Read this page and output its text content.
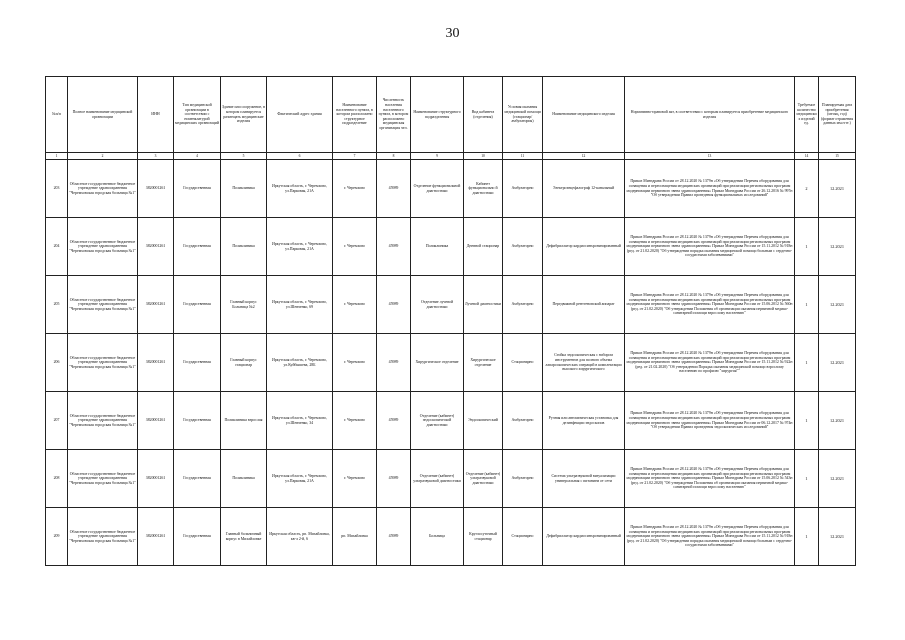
30
№п/п	Полное наименование медицинской организации	ИНН	Тип медицинской организации в соответствии с номенклатурой медицинских организаций	Здание или сооружение, в котором планируется размещать медицинские изделия	Фактический адрес здания	Наименование населенного пункта, в котором расположено структурное подразделение	Численность населения населенного пункта, в котором расположено медицинская организация чел.	Наименование структурного подразделения	Вид кабинета (отделения)	Условия оказания медицинской помощи (стационар/амбулатория)	Наименование медицинского изделия	Нормативно-правовой акт, в соответствии с которым планируется приобретение медицинского изделия	Требуемое количество медицинских изделий ед.	Планируемая дата приобретения (месяц, год) (формат отражения данных мм.гггг.)
1	2	3	4	5	6	7	8	9	10	11	12	13	14	15
203	Областное государственное бюджетное учреждение здравоохранения "Черемховская городская больница №1"	3820001261	Государственная	Поликлиника	Иркутская область, г. Черемхово, ул.Парковая, 21А	г. Черемхово	45989	Отделение функциональной диагностики	Кабинет функционально й диагностики	Амбулаторно	Электроэнцефалограф 12-канальный	Приказ Минздрава России от 28.12.2020 № 1379н «Об утверждении Перечня оборудования для оснащения и переоснащения медицинских организаций при реализации региональных программ модернизации первичного звена здравоохранения» Приказ Минздрава России от 26.12.2016 № 997н "Об утверждении Правил проведения функциональных исследований"	2	12.2021
204	Областное государственное бюджетное учреждение здравоохранения "Черемховская городская больница №1"	3820001261	Государственная	Поликлиника	Иркутская область, г. Черемхово, ул.Парковая, 21А	г. Черемхово	45989	Поликлиника	Дневной стационар	Амбулаторно	Дефибриллятор кардиосинхронизированный	Приказ Минздрава России от 28.12.2020 № 1379н «Об утверждении Перечня оборудования для оснащения и переоснащения медицинских организаций при реализации региональных программ модернизации первичного звена здравоохранения» Приказ Минздрава России от 15.11.2012 № 918н (ред. от 21.02.2020) "Об утверждении порядка оказания медицинской помощи больным с сердечно-сосудистыми заболеваниями"	1	12.2021
205	Областное государственное бюджетное учреждение здравоохранения "Черемховская городская больница №1"	3820001261	Государственная	Главный корпус Больница №2	Иркутская область, г. Черемхово, ул.Шевченко, 69	г. Черемхово	45989	Отделение лучевой диагностики	Лучевой диагностики	Амбулаторно	Передвижной рентгеновский аппарат	Приказ Минздрава России от 28.12.2020 № 1379н «Об утверждении Перечня оборудования для оснащения и переоснащения медицинских организаций при реализации региональных программ модернизации первичного звена здравоохранения» Приказ Минздрава России от 15.06.2012 № 560н (ред. от 21.02.2020) "Об утверждении Положения об организации оказания первичной медико-санитарной помощи взрослому населению"	1	12.2021
206	Областное государственное бюджетное учреждение здравоохранения "Черемховская городская больница №1"	3820001261	Государственная	Главный корпус стационар	Иркутская область, г. Черемхово, ул.Куйбышева, 28Б	г. Черемхово	45989	Хирургическое отделение	Хирургическое отделение	Стационарно	Стойка эндоскопическая с набором инструментов для полного объема лапароскопических операций в комплектации высокого хирургического	Приказ Минздрава России от 28.12.2020 № 1379н «Об утверждении Перечня оборудования для оснащения и переоснащения медицинских организаций при реализации региональных программ модернизации первичного звена здравоохранения» Приказ Минздрава России от 15.11.2012 № 922н (ред. от 21.02.2020) "Об утверждении Порядка оказания медицинской помощи взрослому населению по профилю "хирургия""	1	12.2021
207	Областное государственное бюджетное учреждение здравоохранения "Черемховская городская больница №1"	3820001261	Государственная	Поликлиника взрослая	Иркутская область, г. Черемхово, ул.Шевченко, 34	г. Черемхово	45989	Отделение (кабинет) эндоскопической диагностики	Эндоскопический	Амбулаторно	Ручная или автоматическая установка для дезинфекции эндоскопов	Приказ Минздрава России от 28.12.2020 № 1379н «Об утверждении Перечня оборудования для оснащения и переоснащения медицинских организаций при реализации региональных программ модернизации первичного звена здравоохранения» Приказ Минздрава России от 06.12.2017 № 974н "Об утверждении Правил проведения эндоскопических исследований"	1	12.2021
208	Областное государственное бюджетное учреждение здравоохранения "Черемховская городская больница №1"	3820001261	Государственная	Поликлиника	Иркутская область, г. Черемхово, ул.Парковая, 21А	г. Черемхово	45989	Отделение (кабинет) ультразвуковой диагностики	Отделение (кабинет) ультразвуковой диагностики	Амбулаторно	Система ультразвуковой визуализации универсальная с питанием от сети	Приказ Минздрава России от 28.12.2020 № 1379н «Об утверждении Перечня оборудования для оснащения и переоснащения медицинских организаций при реализации региональных программ модернизации первичного звена здравоохранения» Приказ Минздрава России от 15.06.2012 № 543н (ред. от 21.02.2020) "Об утверждении Положения об организации оказания первичной медико-санитарной помощи взрослому населению"	1	12.2021
209	Областное государственное бюджетное учреждение здравоохранения "Черемховская городская больница №1"	3820001261	Государственная	Главный больничный корпус в Михайловке	Иркутская область, рп. Михайловка, кв-л 2-й, 6	рп. Михайловка	45989	Больница	Круглосуточный стационар	Стационарно	Дефибриллятор кардиосинхронизированный	Приказ Минздрава России от 28.12.2020 № 1379н «Об утверждении Перечня оборудования для оснащения и переоснащения медицинских организаций при реализации региональных программ модернизации первичного звена здравоохранения» Приказ Минздрава России от 15.11.2012 № 918н (ред. от 21.02.2020) "Об утверждении порядка оказания медицинской помощи больным с сердечно-сосудистыми заболеваниями"	1	12.2021
